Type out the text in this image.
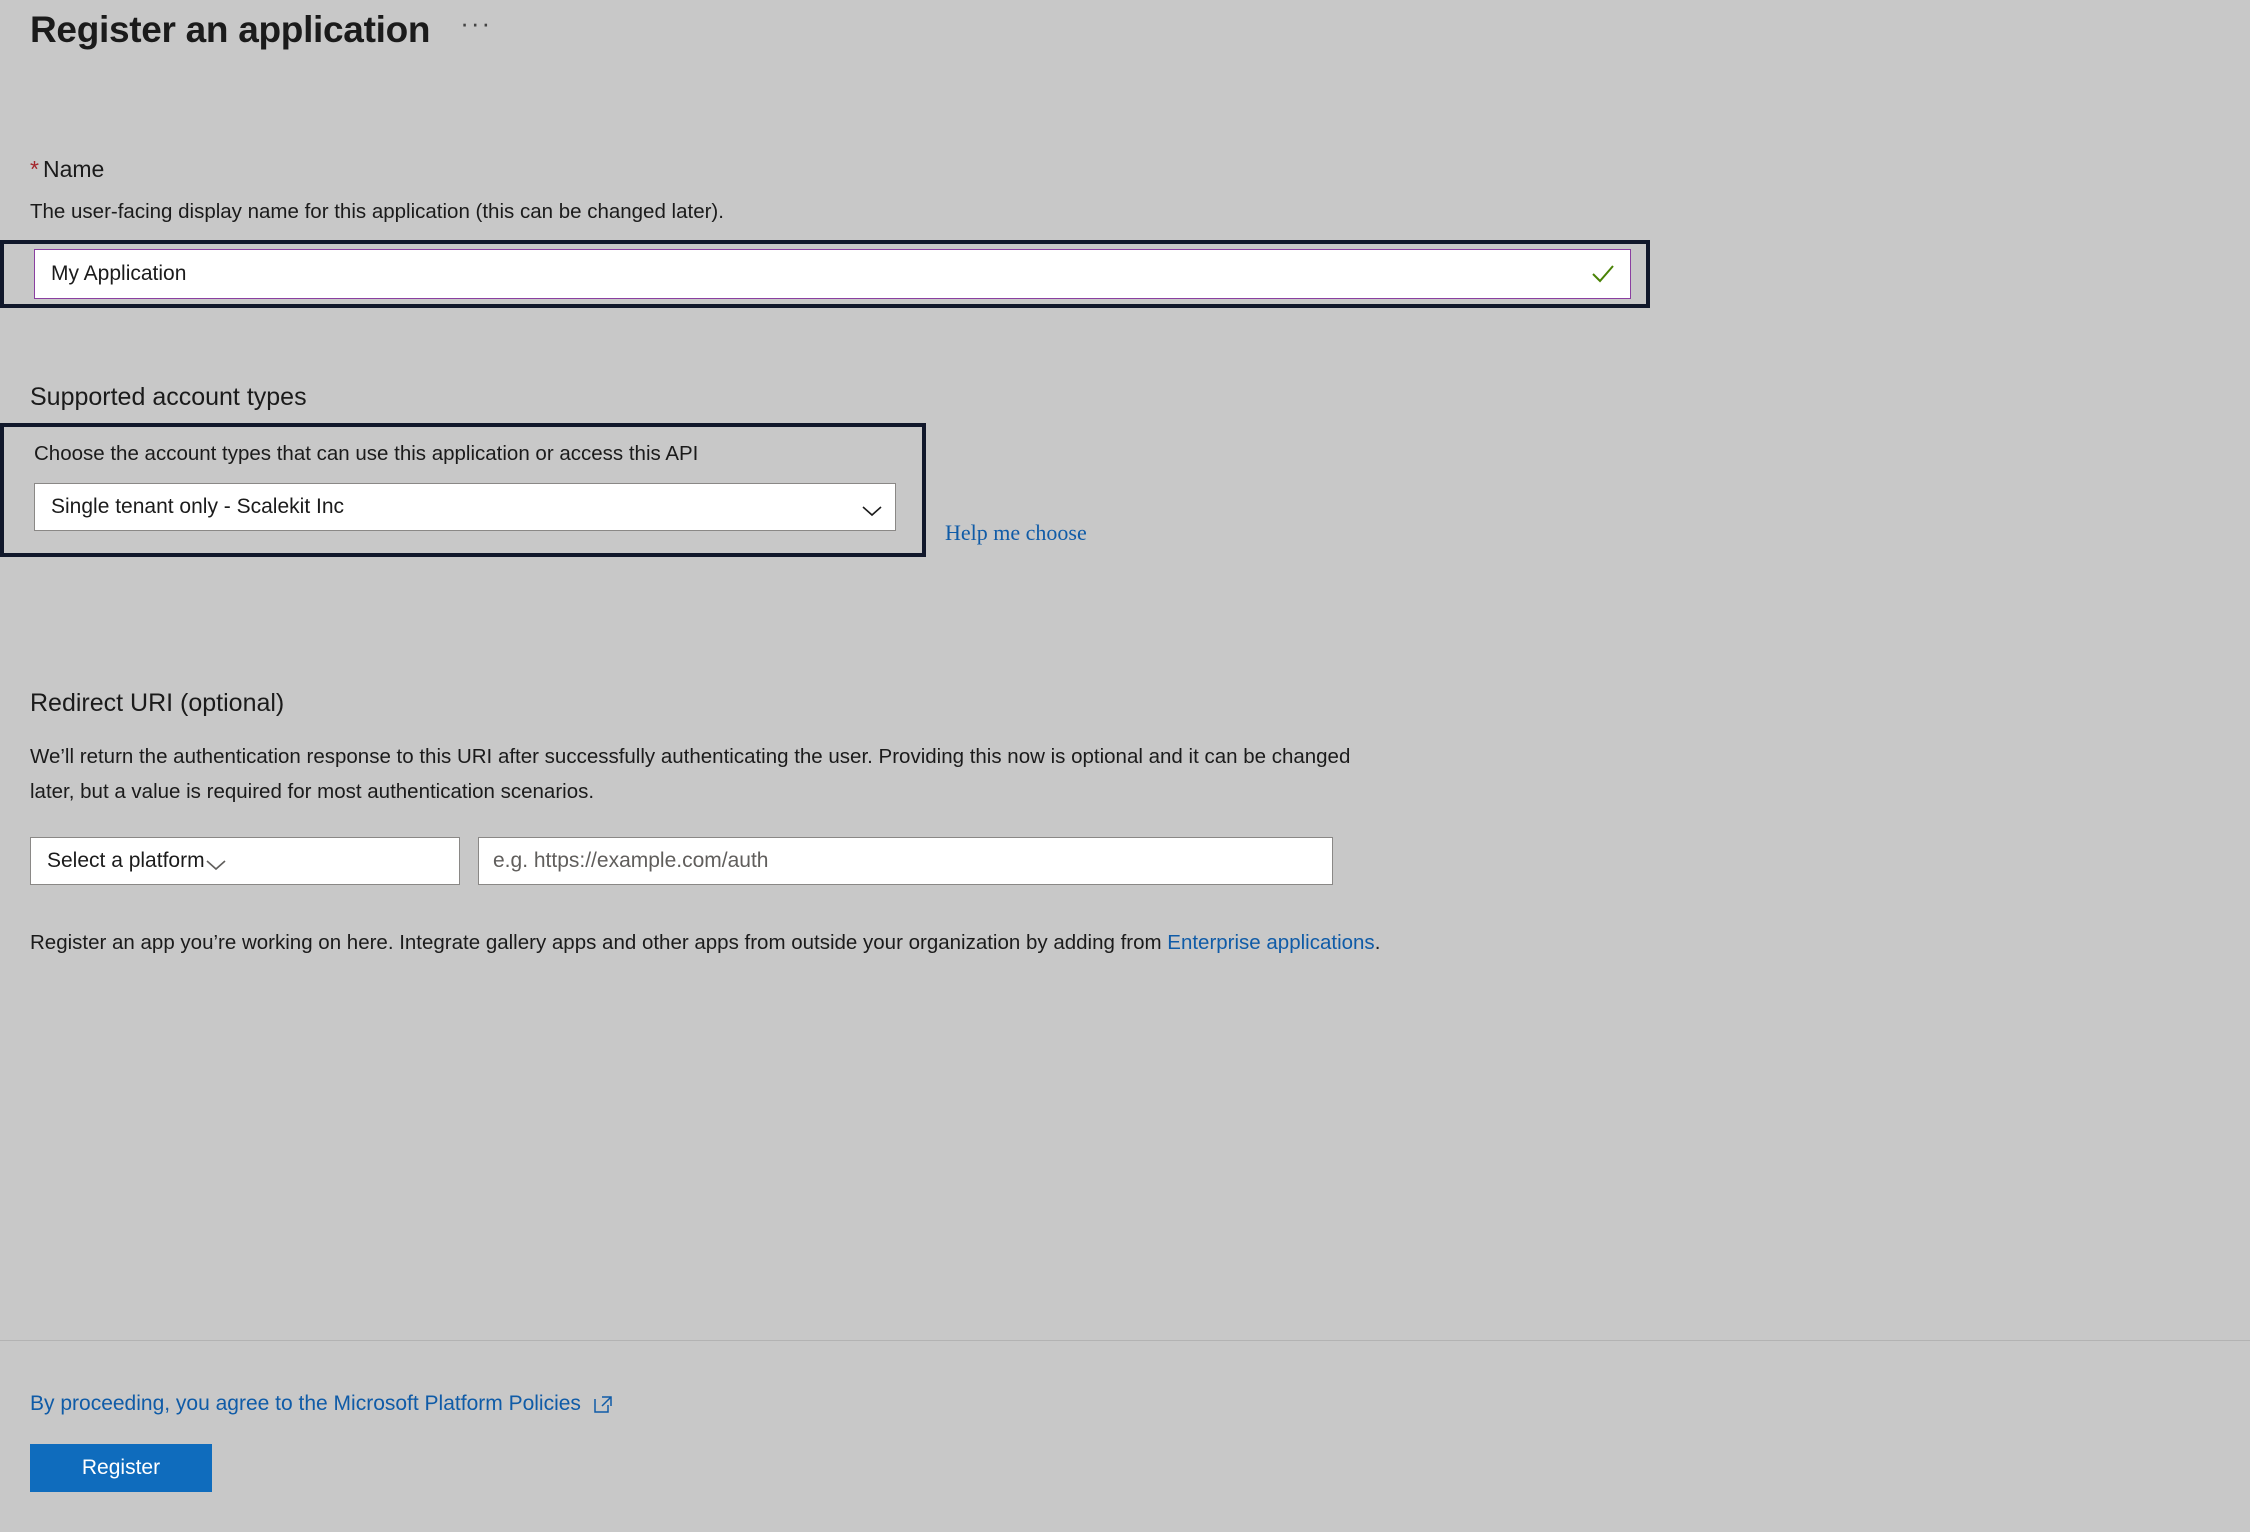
Register an application ···
* Name
The user-facing display name for this application (this can be changed later).
My Application
Supported account types
Choose the account types that can use this application or access this API
Single tenant only - Scalekit Inc
Help me choose
Redirect URI (optional)
We’ll return the authentication response to this URI after successfully authenticating the user. Providing this now is optional and it can be changed later, but a value is required for most authentication scenarios.
Select a platform	e.g. https://example.com/auth
Register an app you’re working on here. Integrate gallery apps and other apps from outside your organization by adding from Enterprise applications.
By proceeding, you agree to the Microsoft Platform Policies
Register
